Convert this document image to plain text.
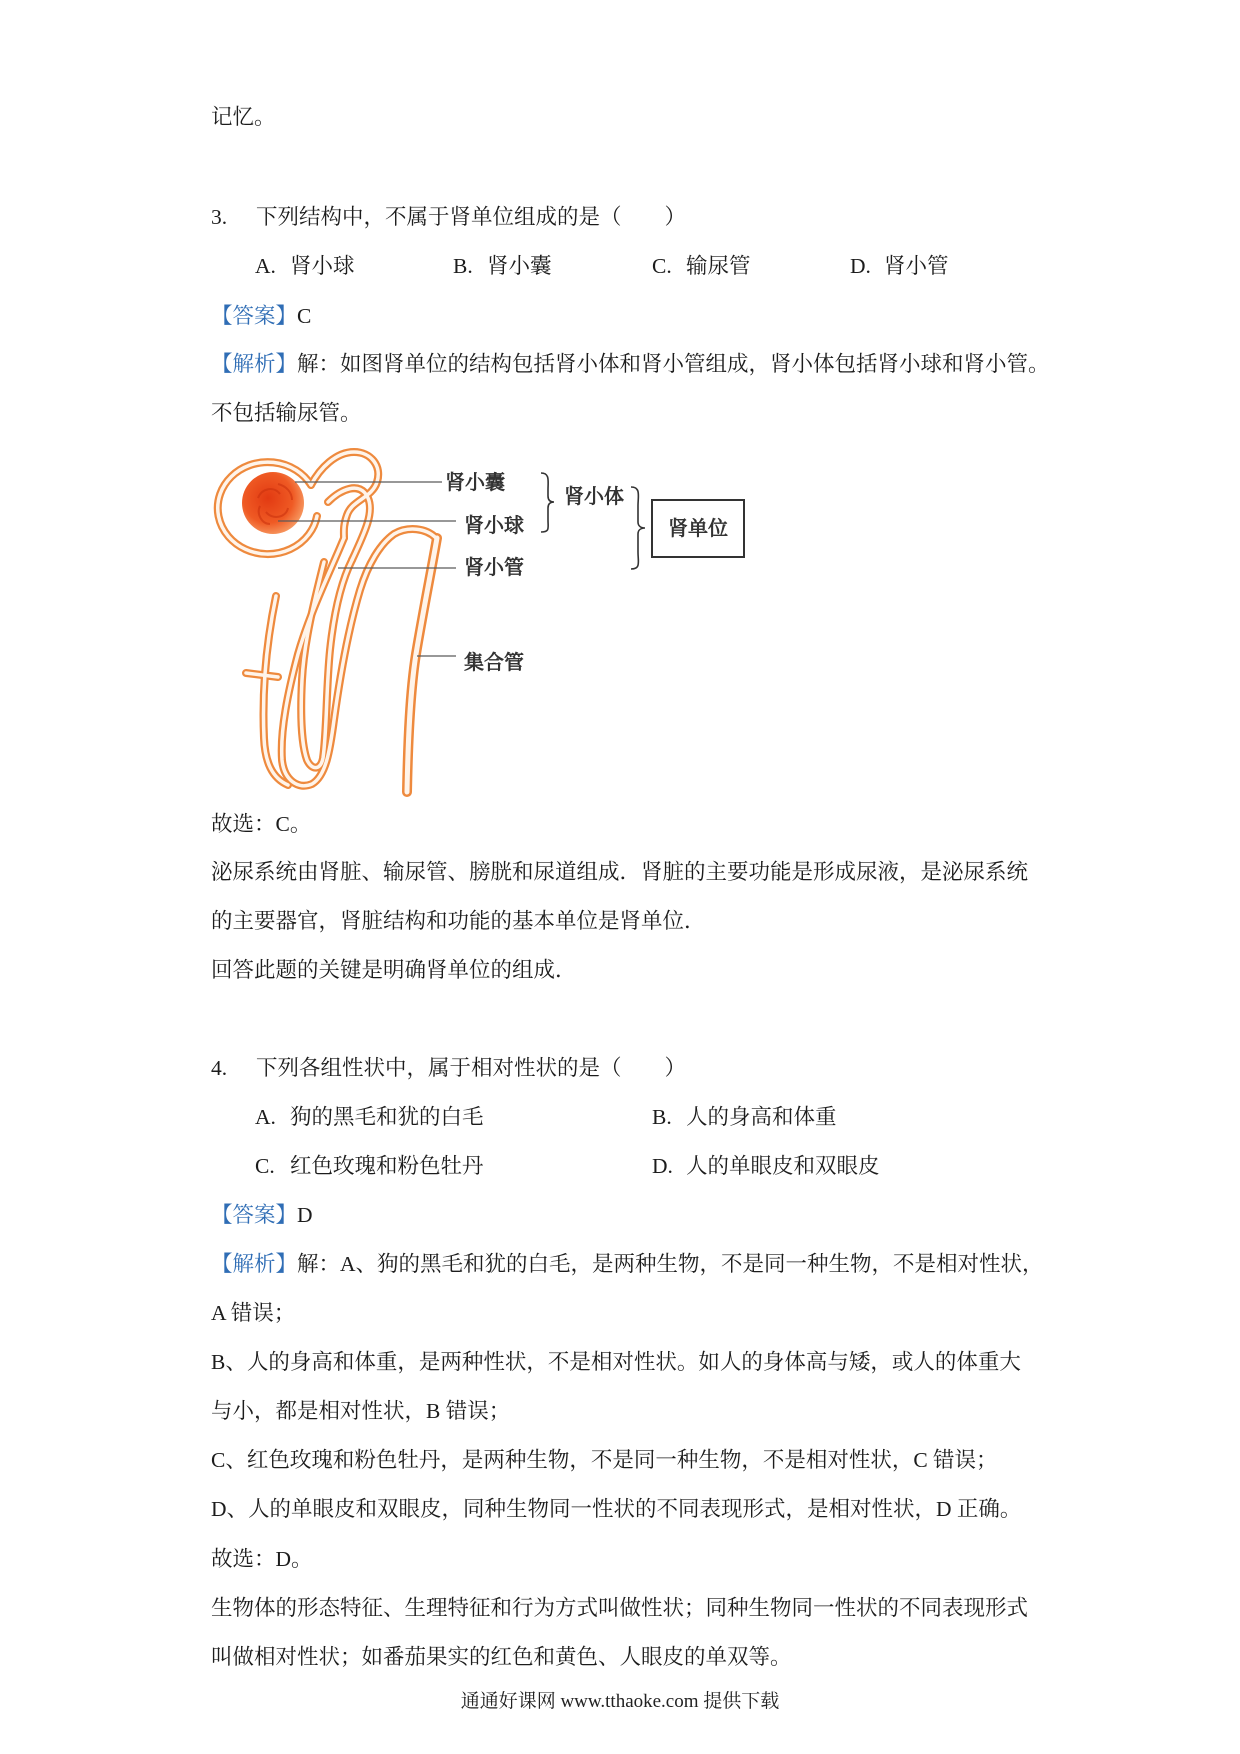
记忆。

3.

下列结构中，不属于肾单位组成的是（　　）

A.

肾小球

	B.

肾小囊

	C.

输尿管

	D.

肾小管

【答案】C
【解析】解：如图肾单位的结构包括肾小体和肾小管组成，肾小体包括肾小球和肾小管。
不包括输尿管。
肾小囊
肾小球
肾小管
集合管
肾小体
肾单位
故选：C。
泌尿系统由肾脏、输尿管、膀胱和尿道组成．肾脏的主要功能是形成尿液，是泌尿系统
的主要器官，肾脏结构和功能的基本单位是肾单位．
回答此题的关键是明确肾单位的组成．

4.

下列各组性状中，属于相对性状的是（　　）

A.

狗的黑毛和犹的白毛

	B.

人的身高和体重

C.

红色玫瑰和粉色牡丹

	D.

人的单眼皮和双眼皮

【答案】D
【解析】解：A、狗的黑毛和犹的白毛，是两种生物，不是同一种生物，不是相对性状，
A 错误；
B、人的身高和体重，是两种性状，不是相对性状。如人的身体高与矮，或人的体重大
与小，都是相对性状，B 错误；
C、红色玫瑰和粉色牡丹，是两种生物，不是同一种生物，不是相对性状，C 错误；
D、人的单眼皮和双眼皮，同种生物同一性状的不同表现形式，是相对性状，D 正确。
故选：D。
生物体的形态特征、生理特征和行为方式叫做性状；同种生物同一性状的不同表现形式
叫做相对性状；如番茄果实的红色和黄色、人眼皮的单双等。
通通好课网 www.tthaoke.com 提供下载
